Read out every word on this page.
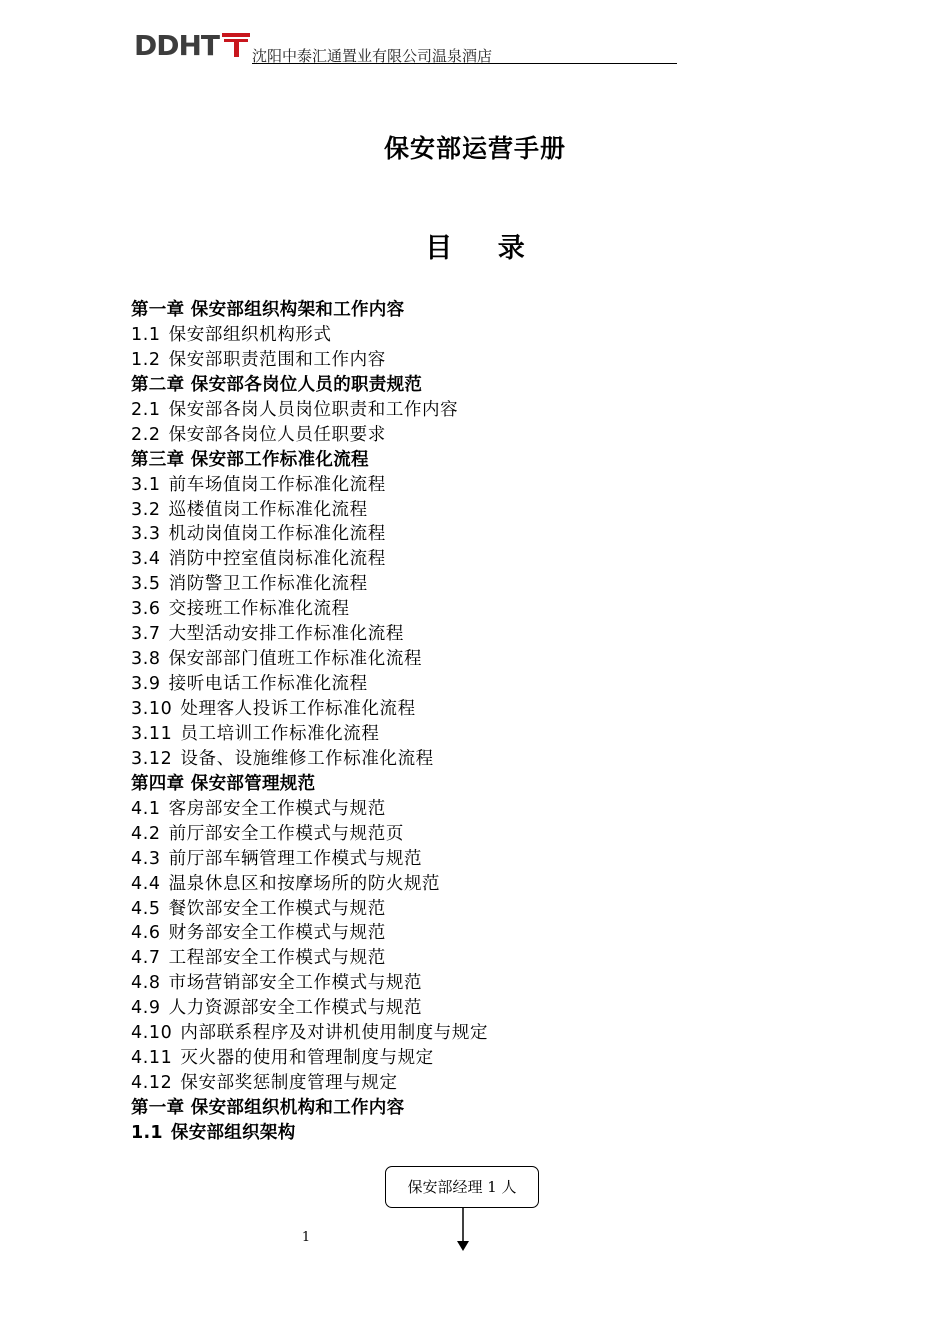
DDHT 沈阳中泰汇通置业有限公司温泉酒店
保安部运营手册
目 录
第一章 保安部组织构架和工作内容
1.1 保安部组织机构形式
1.2 保安部职责范围和工作内容
第二章 保安部各岗位人员的职责规范
2.1 保安部各岗人员岗位职责和工作内容
2.2 保安部各岗位人员任职要求
第三章 保安部工作标准化流程
3.1 前车场值岗工作标准化流程
3.2 巡楼值岗工作标准化流程
3.3 机动岗值岗工作标准化流程
3.4 消防中控室值岗标准化流程
3.5 消防警卫工作标准化流程
3.6 交接班工作标准化流程
3.7 大型活动安排工作标准化流程
3.8 保安部部门值班工作标准化流程
3.9 接听电话工作标准化流程
3.10 处理客人投诉工作标准化流程
3.11 员工培训工作标准化流程
3.12 设备、设施维修工作标准化流程
第四章 保安部管理规范
4.1 客房部安全工作模式与规范
4.2 前厅部安全工作模式与规范页
4.3 前厅部车辆管理工作模式与规范
4.4 温泉休息区和按摩场所的防火规范
4.5 餐饮部安全工作模式与规范
4.6 财务部安全工作模式与规范
4.7 工程部安全工作模式与规范
4.8 市场营销部安全工作模式与规范
4.9 人力资源部安全工作模式与规范
4.10 内部联系程序及对讲机使用制度与规定
4.11 灭火器的使用和管理制度与规定
4.12 保安部奖惩制度管理与规定
第一章 保安部组织机构和工作内容
1.1 保安部组织架构
保安部经理 1 人
1
